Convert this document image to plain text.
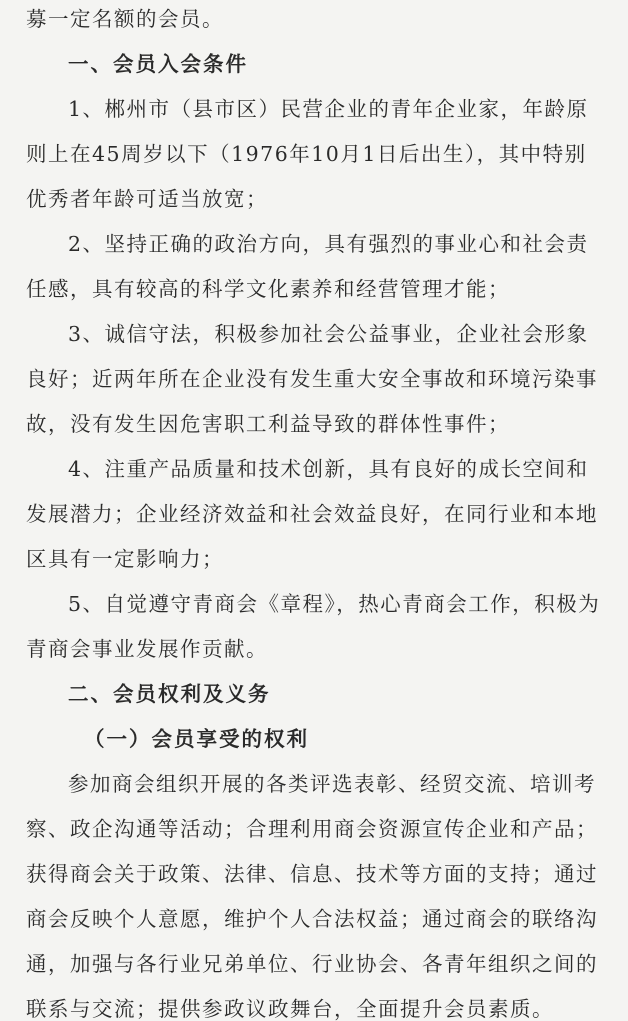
募一定名额的会员。
一、会员入会条件
1、郴州市（县市区）民营企业的青年企业家，年龄原
则上在45周岁以下（1976年10月1日后出生），其中特别
优秀者年龄可适当放宽；
2、坚持正确的政治方向，具有强烈的事业心和社会责
任感，具有较高的科学文化素养和经营管理才能；
3、诚信守法，积极参加社会公益事业，企业社会形象
良好；近两年所在企业没有发生重大安全事故和环境污染事
故，没有发生因危害职工利益导致的群体性事件；
4、注重产品质量和技术创新，具有良好的成长空间和
发展潜力；企业经济效益和社会效益良好，在同行业和本地
区具有一定影响力；
5、自觉遵守青商会《章程》，热心青商会工作，积极为
青商会事业发展作贡献。
二、会员权利及义务
（一）会员享受的权利
参加商会组织开展的各类评选表彰、经贸交流、培训考
察、政企沟通等活动；合理利用商会资源宣传企业和产品；
获得商会关于政策、法律、信息、技术等方面的支持；通过
商会反映个人意愿，维护个人合法权益；通过商会的联络沟
通，加强与各行业兄弟单位、行业协会、各青年组织之间的
联系与交流；提供参政议政舞台，全面提升会员素质。
